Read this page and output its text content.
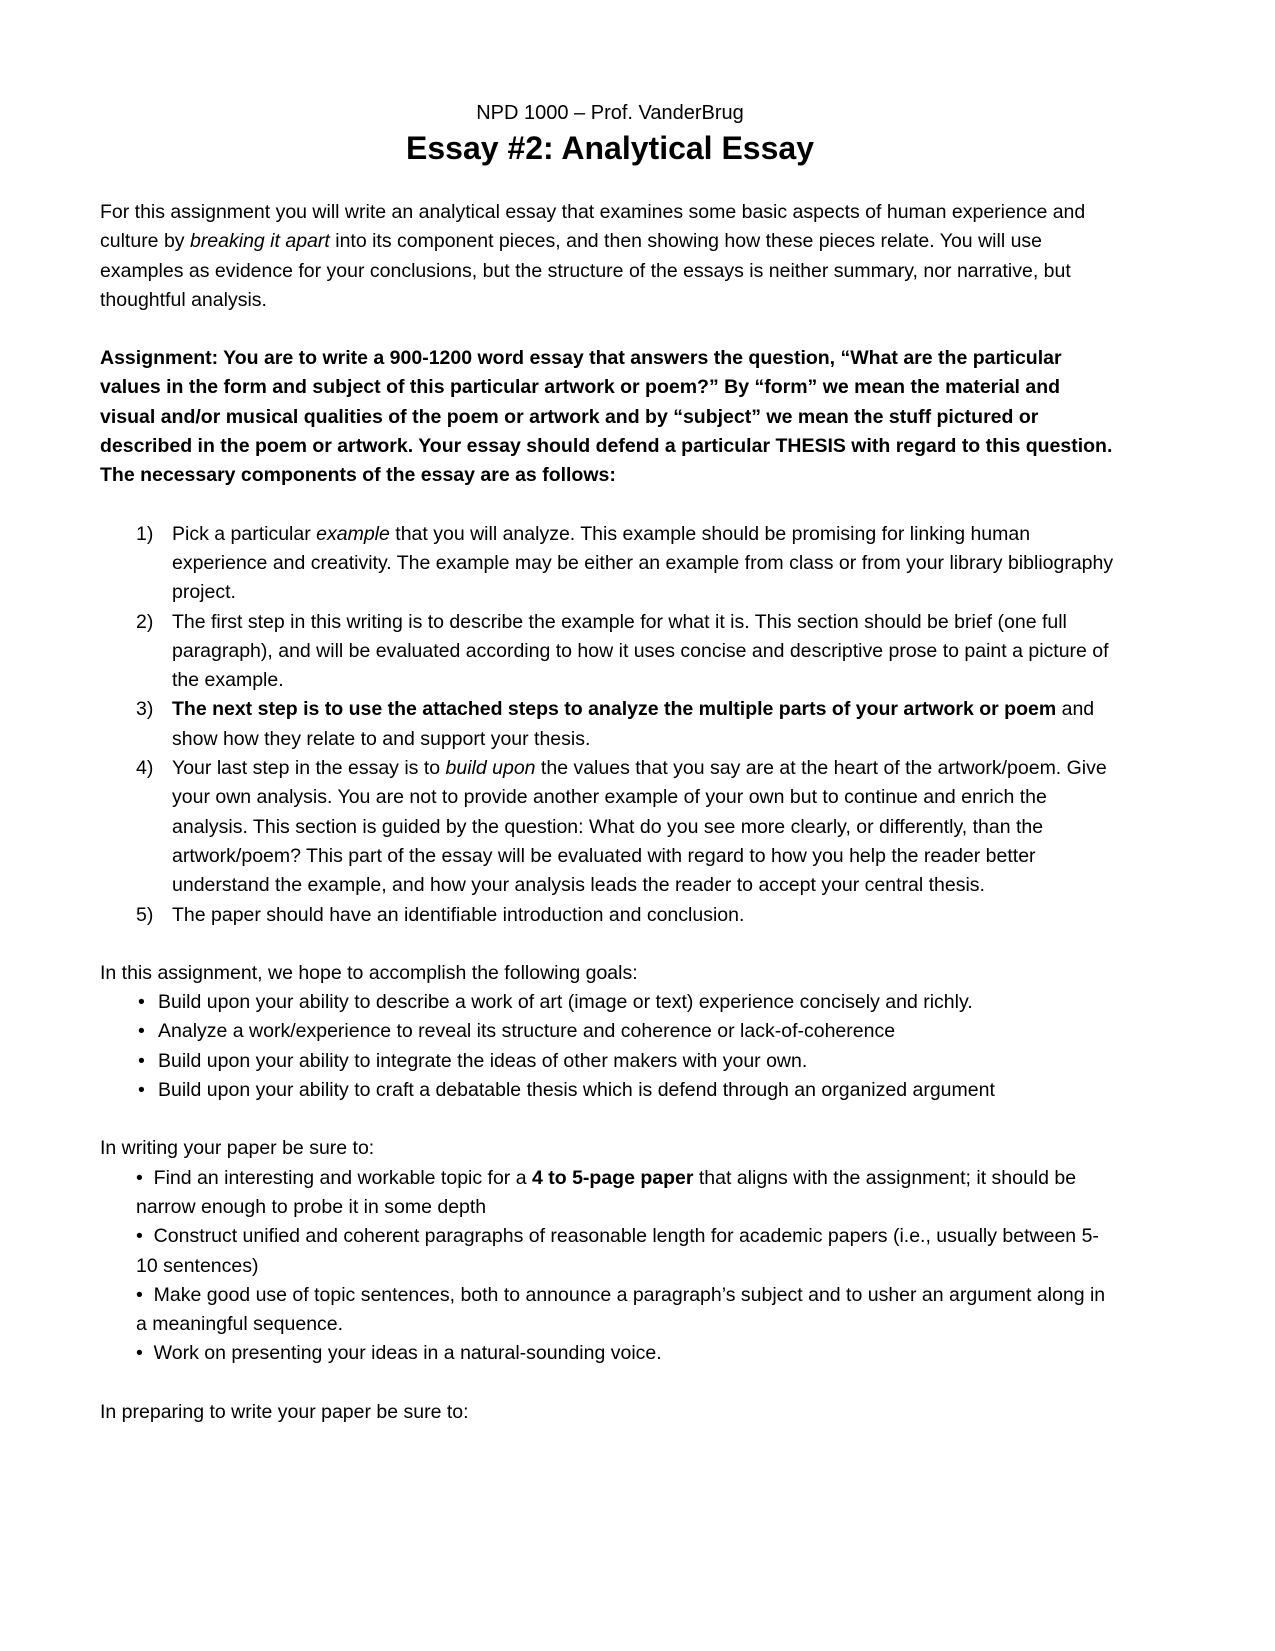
NPD 1000 – Prof. VanderBrug

Essay #2: Analytical Essay

For this assignment you will write an analytical essay that examines some basic aspects of human experience and culture by breaking it apart into its component pieces, and then showing how these pieces relate. You will use examples as evidence for your conclusions, but the structure of the essays is neither summary, nor narrative, but thoughtful analysis.

Assignment: You are to write a 900-1200 word essay that answers the question, “What are the particular values in the form and subject of this particular artwork or poem?” By “form” we mean the material and visual and/or musical qualities of the poem or artwork and by “subject” we mean the stuff pictured or described in the poem or artwork. Your essay should defend a particular THESIS with regard to this question. The necessary components of the essay are as follows:

1) Pick a particular example that you will analyze. This example should be promising for linking human experience and creativity. The example may be either an example from class or from your library bibliography project.
2) The first step in this writing is to describe the example for what it is. This section should be brief (one full paragraph), and will be evaluated according to how it uses concise and descriptive prose to paint a picture of the example.
3) The next step is to use the attached steps to analyze the multiple parts of your artwork or poem and show how they relate to and support your thesis.
4) Your last step in the essay is to build upon the values that you say are at the heart of the artwork/poem. Give your own analysis. You are not to provide another example of your own but to continue and enrich the analysis. This section is guided by the question: What do you see more clearly, or differently, than the artwork/poem? This part of the essay will be evaluated with regard to how you help the reader better understand the example, and how your analysis leads the reader to accept your central thesis.
5) The paper should have an identifiable introduction and conclusion.

In this assignment, we hope to accomplish the following goals:

• Build upon your ability to describe a work of art (image or text) experience concisely and richly.
• Analyze a work/experience to reveal its structure and coherence or lack-of-coherence
• Build upon your ability to integrate the ideas of other makers with your own.
• Build upon your ability to craft a debatable thesis which is defend through an organized argument

In writing your paper be sure to:

• Find an interesting and workable topic for a 4 to 5-page paper that aligns with the assignment; it should be narrow enough to probe it in some depth
• Construct unified and coherent paragraphs of reasonable length for academic papers (i.e., usually between 5-10 sentences)
• Make good use of topic sentences, both to announce a paragraph’s subject and to usher an argument along in a meaningful sequence.
• Work on presenting your ideas in a natural-sounding voice.

In preparing to write your paper be sure to:
